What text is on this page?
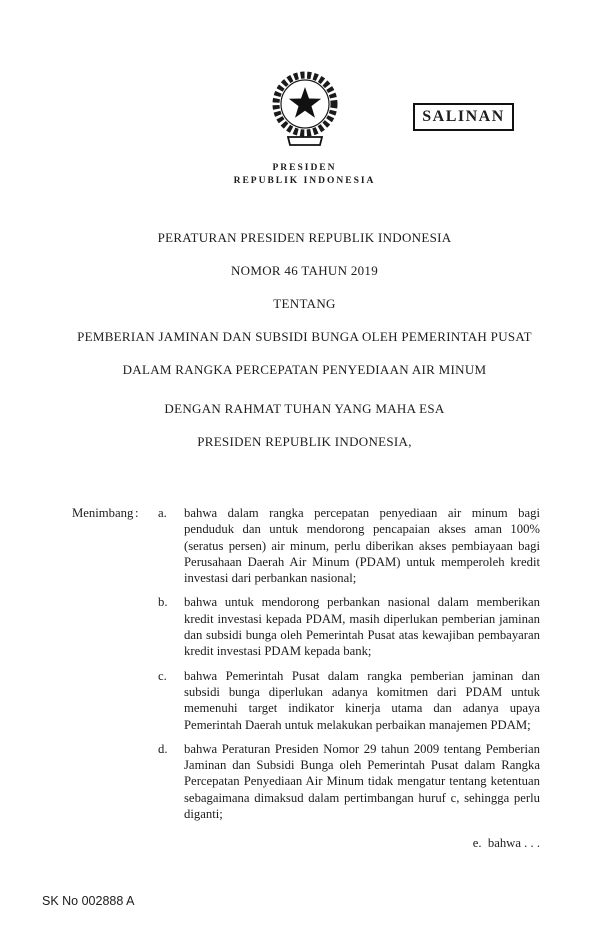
SALINAN
PRESIDEN
REPUBLIK INDONESIA
PERATURAN PRESIDEN REPUBLIK INDONESIA
NOMOR 46 TAHUN 2019
TENTANG
PEMBERIAN JAMINAN DAN SUBSIDI BUNGA OLEH PEMERINTAH PUSAT
DALAM RANGKA PERCEPATAN PENYEDIAAN AIR MINUM
DENGAN RAHMAT TUHAN YANG MAHA ESA
PRESIDEN REPUBLIK INDONESIA,
Menimbang :	a.	bahwa dalam rangka percepatan penyediaan air minum bagi penduduk dan untuk mendorong pencapaian akses aman 100% (seratus persen) air minum, perlu diberikan akses pembiayaan bagi Perusahaan Daerah Air Minum (PDAM) untuk memperoleh kredit investasi dari perbankan nasional;
b.	bahwa untuk mendorong perbankan nasional dalam memberikan kredit investasi kepada PDAM, masih diperlukan pemberian jaminan dan subsidi bunga oleh Pemerintah Pusat atas kewajiban pembayaran kredit investasi PDAM kepada bank;
c.	bahwa Pemerintah Pusat dalam rangka pemberian jaminan dan subsidi bunga diperlukan adanya komitmen dari PDAM untuk memenuhi target indikator kinerja utama dan adanya upaya Pemerintah Daerah untuk melakukan perbaikan manajemen PDAM;
d.	bahwa Peraturan Presiden Nomor 29 tahun 2009 tentang Pemberian Jaminan dan Subsidi Bunga oleh Pemerintah Pusat dalam Rangka Percepatan Penyediaan Air Minum tidak mengatur tentang ketentuan sebagaimana dimaksud dalam pertimbangan huruf c, sehingga perlu diganti;
e.  bahwa . . .
SK No 002888 A
